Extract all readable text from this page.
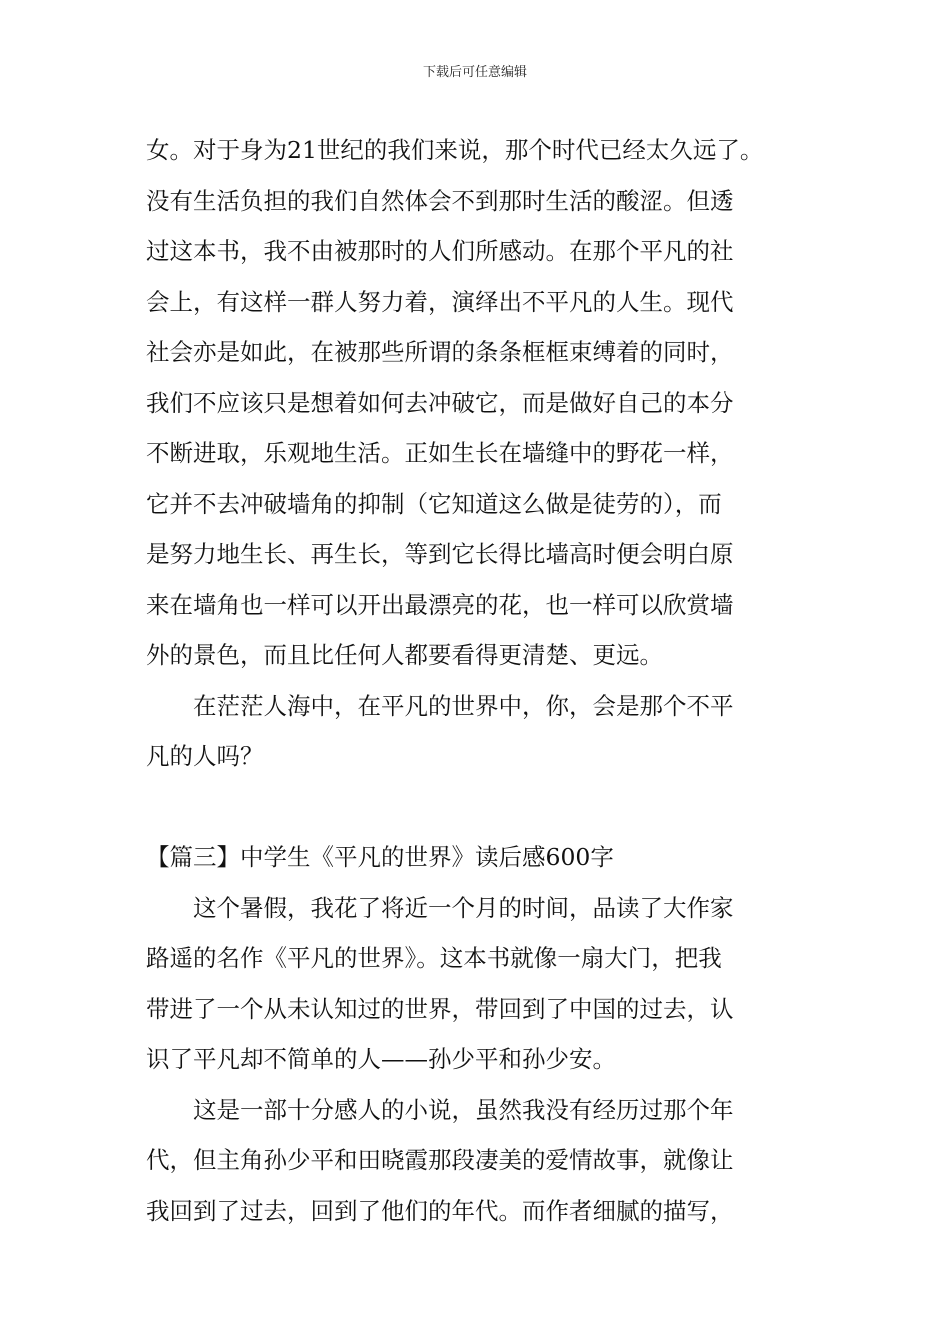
下载后可任意编辑
女。对于身为21世纪的我们来说，那个时代已经太久远了。
没有生活负担的我们自然体会不到那时生活的酸涩。但透
过这本书，我不由被那时的人们所感动。在那个平凡的社
会上，有这样一群人努力着，演绎出不平凡的人生。现代
社会亦是如此，在被那些所谓的条条框框束缚着的同时，
我们不应该只是想着如何去冲破它，而是做好自己的本分
不断进取，乐观地生活。正如生长在墙缝中的野花一样，
它并不去冲破墙角的抑制（它知道这么做是徒劳的），而
是努力地生长、再生长，等到它长得比墙高时便会明白原
来在墙角也一样可以开出最漂亮的花，也一样可以欣赏墙
外的景色，而且比任何人都要看得更清楚、更远。
　　在茫茫人海中，在平凡的世界中，你，会是那个不平
凡的人吗？
【篇三】中学生《平凡的世界》读后感600字
　　这个暑假，我花了将近一个月的时间，品读了大作家
路遥的名作《平凡的世界》。这本书就像一扇大门，把我
带进了一个从未认知过的世界，带回到了中国的过去，认
识了平凡却不简单的人——孙少平和孙少安。
　　这是一部十分感人的小说，虽然我没有经历过那个年
代，但主角孙少平和田晓霞那段凄美的爱情故事，就像让
我回到了过去，回到了他们的年代。而作者细腻的描写，
